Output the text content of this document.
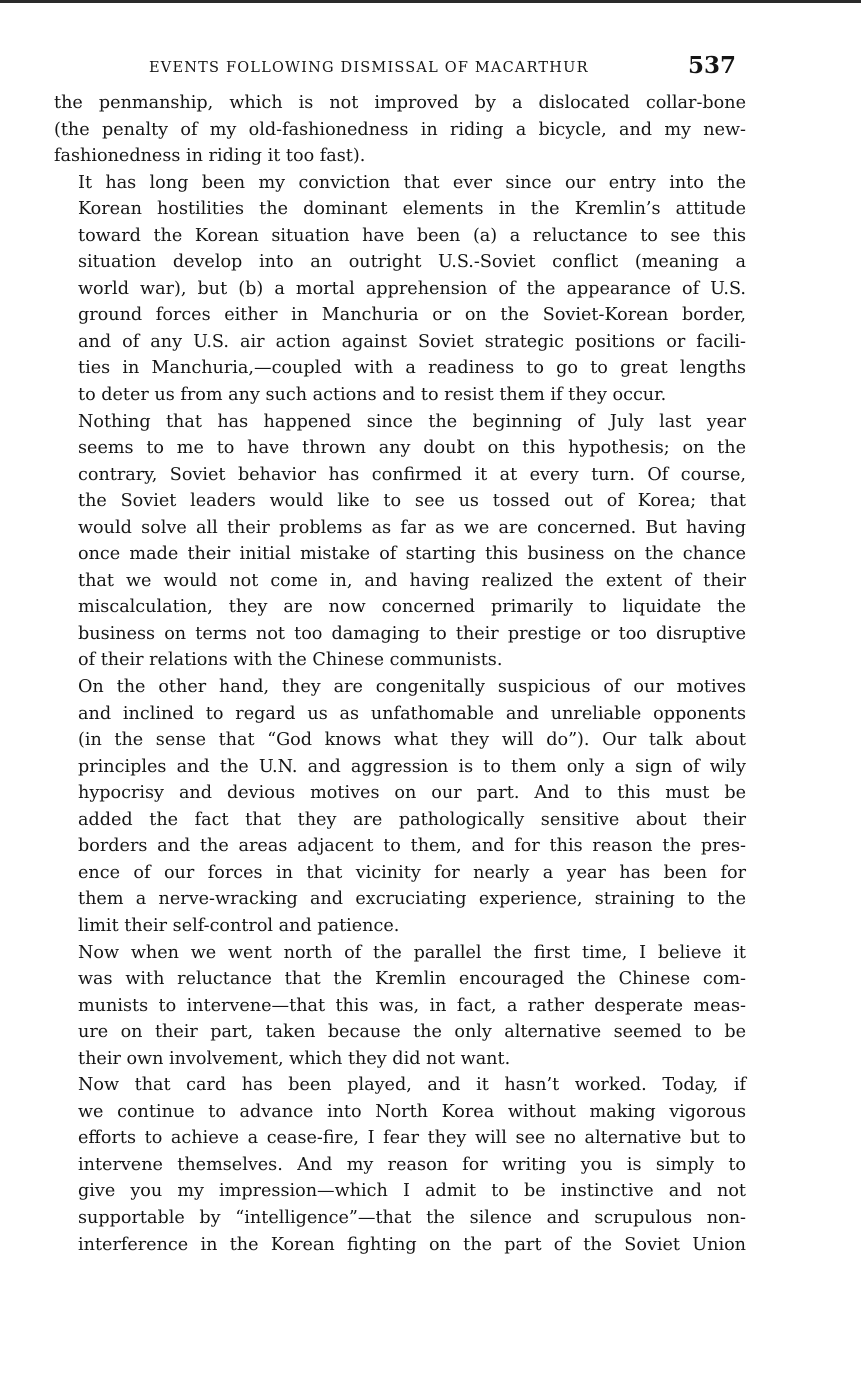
EVENTS FOLLOWING DISMISSAL OF MACARTHUR	537

the penmanship, which is not improved by a dislocated collar-bone
(the penalty of my old-fashionedness in riding a bicycle, and my new-
fashionedness in riding it too fast).

It has long been my conviction that ever since our entry into the
Korean hostilities the dominant elements in the Kremlin’s attitude
toward the Korean situation have been (a) a reluctance to see this
situation develop into an outright U.S.-Soviet conflict (meaning a
world war), but (b) a mortal apprehension of the appearance of U.S.
ground forces either in Manchuria or on the Soviet-Korean border,
and of any U.S. air action against Soviet strategic positions or facili-
ties in Manchuria,—coupled with a readiness to go to great lengths
to deter us from any such actions and to resist them if they occur.

Nothing that has happened since the beginning of July last year
seems to me to have thrown any doubt on this hypothesis; on the
contrary, Soviet behavior has confirmed it at every turn. Of course,
the Soviet leaders would like to see us tossed out of Korea; that
would solve all their problems as far as we are concerned. But having
once made their initial mistake of starting this business on the chance
that we would not come in, and having realized the extent of their
miscalculation, they are now concerned primarily to liquidate the
business on terms not too damaging to their prestige or too disruptive
of their relations with the Chinese communists.

On the other hand, they are congenitally suspicious of our motives
and inclined to regard us as unfathomable and unreliable opponents
(in the sense that “God knows what they will do”). Our talk about
principles and the U.N. and aggression is to them only a sign of wily
hypocrisy and devious motives on our part. And to this must be
added the fact that they are pathologically sensitive about their
borders and the areas adjacent to them, and for this reason the pres-
ence of our forces in that vicinity for nearly a year has been for
them a nerve-wracking and excruciating experience, straining to the
limit their self-control and patience.

Now when we went north of the parallel the first time, I believe it
was with reluctance that the Kremlin encouraged the Chinese com-
munists to intervene—that this was, in fact, a rather desperate meas-
ure on their part, taken because the only alternative seemed to be
their own involvement, which they did not want.

Now that card has been played, and it hasn’t worked. Today, if
we continue to advance into North Korea without making vigorous
efforts to achieve a cease-fire, I fear they will see no alternative but to
intervene themselves. And my reason for writing you is simply to
give you my impression—which I admit to be instinctive and not
supportable by “intelligence”—that the silence and scrupulous non-
interference in the Korean fighting on the part of the Soviet Union
